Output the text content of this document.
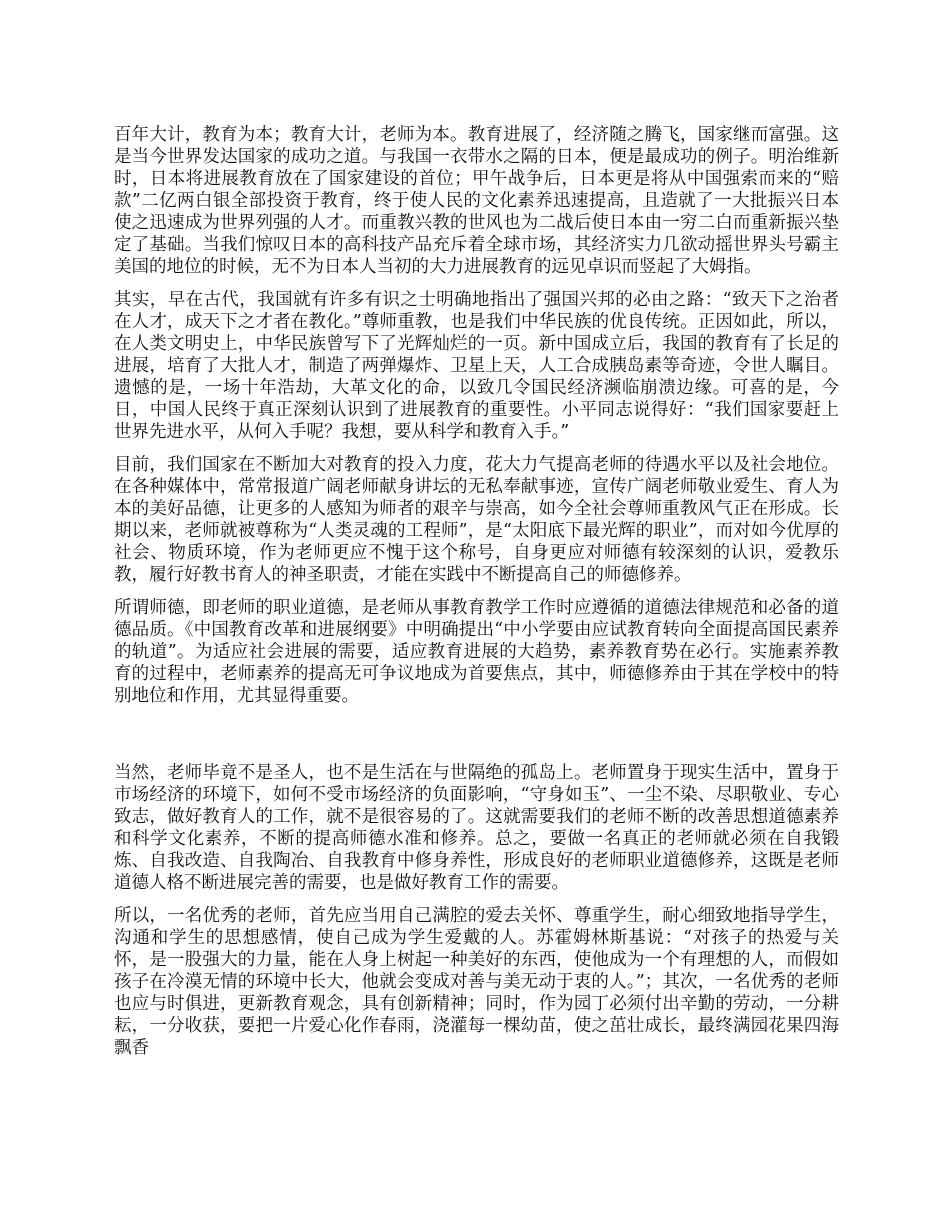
百年大计，教育为本；教育大计，老师为本。教育进展了，经济随之腾飞，国家继而富强。这是当今世界发达国家的成功之道。与我国一衣带水之隔的日本，便是最成功的例子。明治维新时，日本将进展教育放在了国家建设的首位；甲午战争后，日本更是将从中国强索而来的“赔款”二亿两白银全部投资于教育，终于使人民的文化素养迅速提高，且造就了一大批振兴日本使之迅速成为世界列强的人才。而重教兴教的世风也为二战后使日本由一穷二白而重新振兴垫定了基础。当我们惊叹日本的高科技产品充斥着全球市场，其经济实力几欲动摇世界头号霸主美国的地位的时候，无不为日本人当初的大力进展教育的远见卓识而竖起了大姆指。

其实，早在古代，我国就有许多有识之士明确地指出了强国兴邦的必由之路：“致天下之治者在人才，成天下之才者在教化。”尊师重教，也是我们中华民族的优良传统。正因如此，所以，在人类文明史上，中华民族曾写下了光辉灿烂的一页。新中国成立后，我国的教育有了长足的进展，培育了大批人才，制造了两弹爆炸、卫星上天，人工合成胰岛素等奇迹，令世人瞩目。遗憾的是，一场十年浩劫，大革文化的命，以致几令国民经济濒临崩溃边缘。可喜的是，今日，中国人民终于真正深刻认识到了进展教育的重要性。小平同志说得好：“我们国家要赶上世界先进水平，从何入手呢？我想，要从科学和教育入手。”

目前，我们国家在不断加大对教育的投入力度，花大力气提高老师的待遇水平以及社会地位。在各种媒体中，常常报道广阔老师献身讲坛的无私奉献事迹，宣传广阔老师敬业爱生、育人为本的美好品德，让更多的人感知为师者的艰辛与崇高，如今全社会尊师重教风气正在形成。长期以来，老师就被尊称为“人类灵魂的工程师”，是“太阳底下最光辉的职业”，而对如今优厚的社会、物质环境，作为老师更应不愧于这个称号，自身更应对师德有较深刻的认识，爱教乐教，履行好教书育人的神圣职责，才能在实践中不断提高自己的师德修养。

所谓师德，即老师的职业道德，是老师从事教育教学工作时应遵循的道德法律规范和必备的道德品质。《中国教育改革和进展纲要》中明确提出“中小学要由应试教育转向全面提高国民素养的轨道”。为适应社会进展的需要，适应教育进展的大趋势，素养教育势在必行。实施素养教育的过程中，老师素养的提高无可争议地成为首要焦点，其中，师德修养由于其在学校中的特别地位和作用，尤其显得重要。

当然，老师毕竟不是圣人，也不是生活在与世隔绝的孤岛上。老师置身于现实生活中，置身于市场经济的环境下，如何不受市场经济的负面影响，“守身如玉”、一尘不染、尽职敬业、专心致志，做好教育人的工作，就不是很容易的了。这就需要我们的老师不断的改善思想道德素养和科学文化素养，不断的提高师德水准和修养。总之，要做一名真正的老师就必须在自我锻炼、自我改造、自我陶冶、自我教育中修身养性，形成良好的老师职业道德修养，这既是老师道德人格不断进展完善的需要，也是做好教育工作的需要。

所以，一名优秀的老师，首先应当用自己满腔的爱去关怀、尊重学生，耐心细致地指导学生，沟通和学生的思想感情，使自己成为学生爱戴的人。苏霍姆林斯基说：“对孩子的热爱与关怀，是一股强大的力量，能在人身上树起一种美好的东西，使他成为一个有理想的人，而假如孩子在冷漠无情的环境中长大，他就会变成对善与美无动于衷的人。”；其次，一名优秀的老师也应与时俱进，更新教育观念，具有创新精神；同时，作为园丁必须付出辛勤的劳动，一分耕耘，一分收获，要把一片爱心化作春雨，浇灌每一棵幼苗，使之茁壮成长，最终满园花果四海飘香
